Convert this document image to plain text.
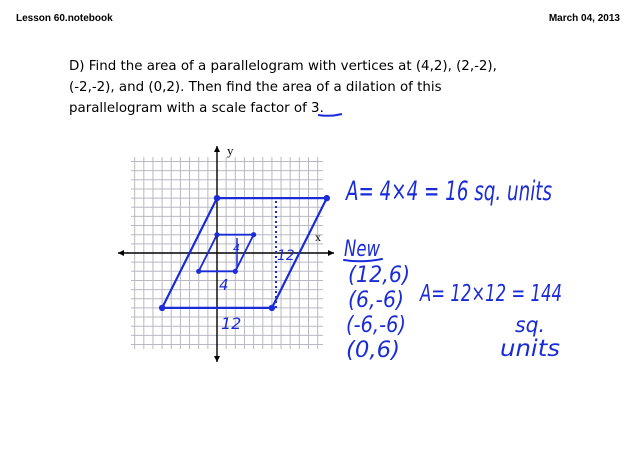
Lesson 60.notebook	March 04, 2013

D) Find the area of a parallelogram with vertices at (4,2), (2,-2),

(-2,-2), and (0,2). Then find the area of a dilation of this

parallelogram with a scale factor of 3.

y
x
4
4
12
12
A= 4×4 = 16 sq. units
New
(12,6)
(6,-6)
(-6,-6)
(0,6)
A= 12×12 = 144
sq.
units
